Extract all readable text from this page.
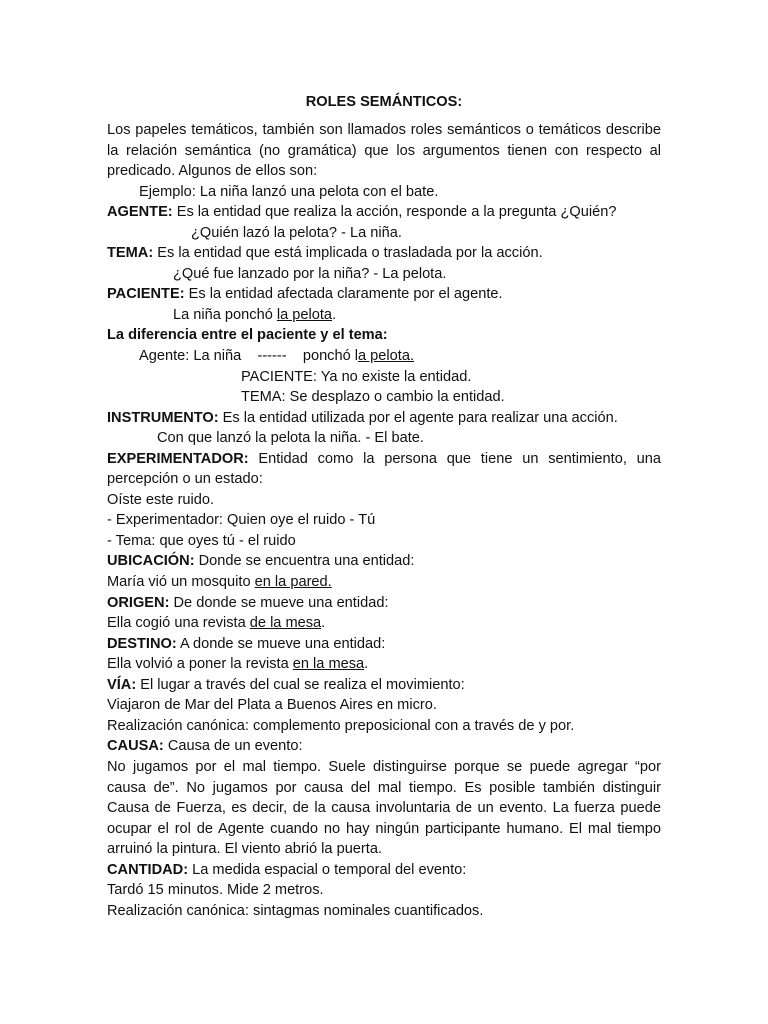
ROLES SEMÁNTICOS:

Los papeles temáticos, también son llamados roles semánticos o temáticos describe la relación semántica (no gramática) que los argumentos tienen con respecto al predicado. Algunos de ellos son:

Ejemplo: La niña lanzó una pelota con el bate.

AGENTE: Es la entidad que realiza la acción, responde a la pregunta ¿Quién?

¿Quién lazó la pelota? - La niña.

TEMA: Es la entidad que está implicada o trasladada por la acción.

¿Qué fue lanzado por la niña? - La pelota.

PACIENTE: Es la entidad afectada claramente por el agente.

La niña ponchó la pelota.

La diferencia entre el paciente y el tema:

Agente: La niña    ------    ponchó la pelota.

PACIENTE: Ya no existe la entidad.

TEMA: Se desplazo o cambio la entidad.

INSTRUMENTO: Es la entidad utilizada por el agente para realizar una acción.

Con que lanzó la pelota la niña. - El bate.

EXPERIMENTADOR: Entidad como la persona que tiene un sentimiento, una percepción o un estado:

Oíste este ruido.

- Experimentador: Quien oye el ruido - Tú

- Tema: que oyes tú - el ruido

UBICACIÓN: Donde se encuentra una entidad:

María vió un mosquito en la pared.

ORIGEN: De donde se mueve una entidad:

Ella cogió una revista de la mesa.

DESTINO: A donde se mueve una entidad:

Ella volvió a poner la revista en la mesa.

VÍA: El lugar a través del cual se realiza el movimiento:

Viajaron de Mar del Plata a Buenos Aires en micro.

Realización canónica: complemento preposicional con a través de y por.

CAUSA: Causa de un evento:

No jugamos por el mal tiempo. Suele distinguirse porque se puede agregar “por causa de”. No jugamos por causa del mal tiempo. Es posible también distinguir Causa de Fuerza, es decir, de la causa involuntaria de un evento. La fuerza puede ocupar el rol de Agente cuando no hay ningún participante humano. El mal tiempo arruinó la pintura. El viento abrió la puerta.

CANTIDAD: La medida espacial o temporal del evento:

Tardó 15 minutos. Mide 2 metros.

Realización canónica: sintagmas nominales cuantificados.
